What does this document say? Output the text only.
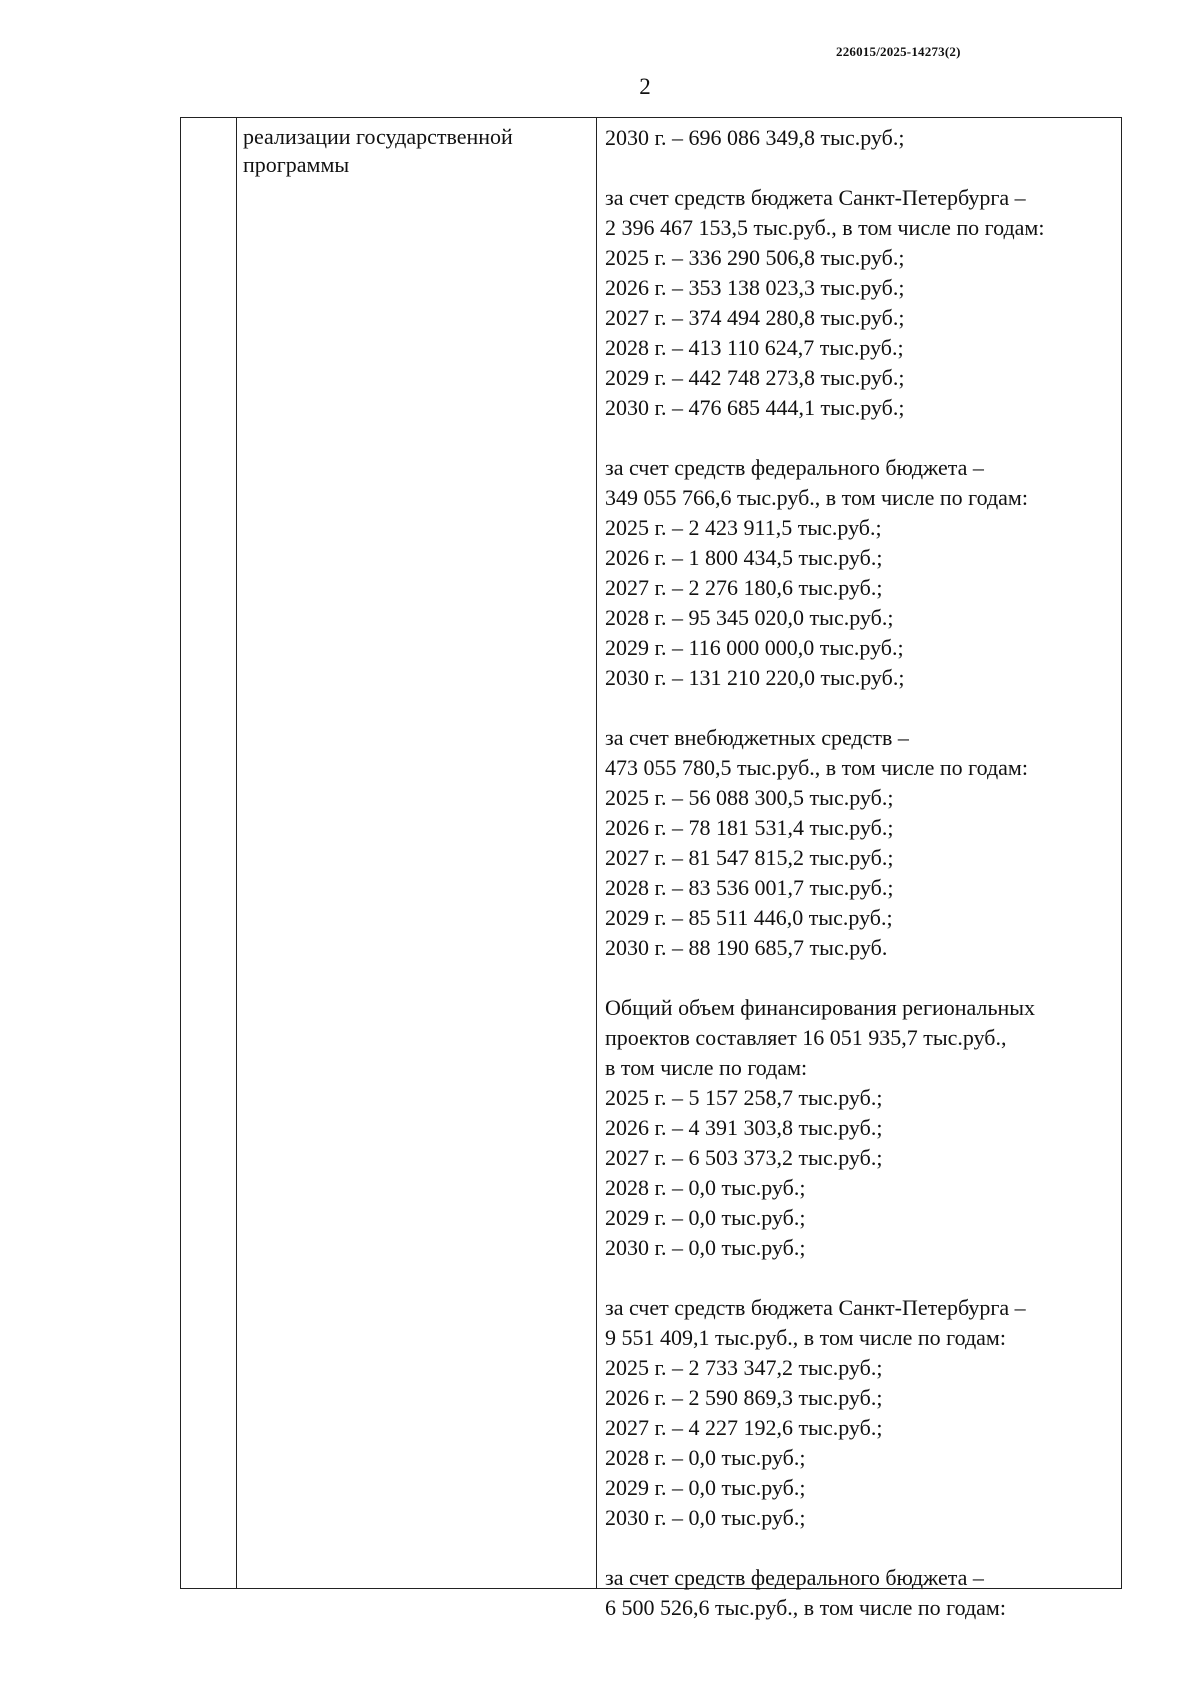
226015/2025-14273(2)
2
реализации государственной
программы
2030 г. – 696 086 349,8 тыс.руб.;
за счет средств бюджета Санкт-Петербурга –
2 396 467 153,5 тыс.руб., в том числе по годам:
2025 г. – 336 290 506,8 тыс.руб.;
2026 г. – 353 138 023,3 тыс.руб.;
2027 г. – 374 494 280,8 тыс.руб.;
2028 г. – 413 110 624,7 тыс.руб.;
2029 г. – 442 748 273,8 тыс.руб.;
2030 г. – 476 685 444,1 тыс.руб.;
за счет средств федерального бюджета –
349 055 766,6 тыс.руб., в том числе по годам:
2025 г. – 2 423 911,5 тыс.руб.;
2026 г. – 1 800 434,5 тыс.руб.;
2027 г. – 2 276 180,6 тыс.руб.;
2028 г. – 95 345 020,0 тыс.руб.;
2029 г. – 116 000 000,0 тыс.руб.;
2030 г. – 131 210 220,0 тыс.руб.;
за счет внебюджетных средств –
473 055 780,5 тыс.руб., в том числе по годам:
2025 г. – 56 088 300,5 тыс.руб.;
2026 г. – 78 181 531,4 тыс.руб.;
2027 г. – 81 547 815,2 тыс.руб.;
2028 г. – 83 536 001,7 тыс.руб.;
2029 г. – 85 511 446,0 тыс.руб.;
2030 г. – 88 190 685,7 тыс.руб.
Общий объем финансирования региональных
проектов составляет 16 051 935,7 тыс.руб.,
в том числе по годам:
2025 г. – 5 157 258,7 тыс.руб.;
2026 г. – 4 391 303,8 тыс.руб.;
2027 г. – 6 503 373,2 тыс.руб.;
2028 г. – 0,0 тыс.руб.;
2029 г. – 0,0 тыс.руб.;
2030 г. – 0,0 тыс.руб.;
за счет средств бюджета Санкт-Петербурга –
9 551 409,1 тыс.руб., в том числе по годам:
2025 г. – 2 733 347,2 тыс.руб.;
2026 г. – 2 590 869,3 тыс.руб.;
2027 г. – 4 227 192,6 тыс.руб.;
2028 г. – 0,0 тыс.руб.;
2029 г. – 0,0 тыс.руб.;
2030 г. – 0,0 тыс.руб.;
за счет средств федерального бюджета –
6 500 526,6 тыс.руб., в том числе по годам:
